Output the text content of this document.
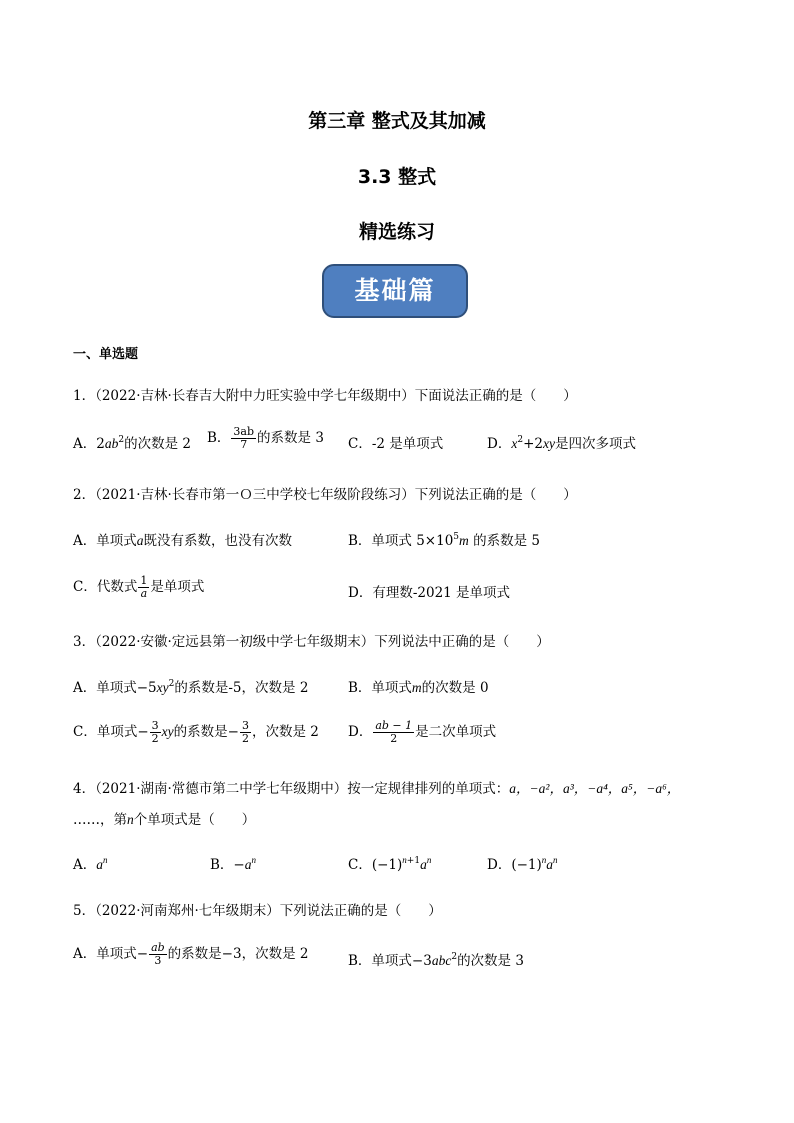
第三章 整式及其加减
3.3 整式
精选练习
基础篇
一、单选题
1．（2022·吉林·长春吉大附中力旺实验中学七年级期中）下面说法正确的是（　　）
A．$2ab^2$的次数是 2 B． $\frac{3ab}{7}$ 的系数是 3 C．-2 是单项式	D．$x^2+2xy$是四次多项式
2．（2021·吉林·长春市第一Ｏ三中学校七年级阶段练习）下列说法正确的是（　　）
A．单项式a既没有系数，也没有次数	B．单项式 $5\times 10^5m$ 的系数是 5
C．代数式 $\frac{1}{a}$ 是单项式	D．有理数-2021 是单项式
3．（2022·安徽·定远县第一初级中学七年级期末）下列说法中正确的是（　　）
A．单项式$-5xy^2$的系数是-5，次数是 2	B．单项式m的次数是 0
C．单项式− $\frac{3}{2}$ xy的系数是− $\frac{3}{2}$ ，次数是 2 D． $\frac{ab - 1}{2}$ 是二次单项式
4．（2021·湖南·常德市第二中学七年级期中）按一定规律排列的单项式：a，−a²，a³，−a⁴，a⁵，−a⁶，
……，第n个单项式是（　　）
A．$a^n$	B．$-a^n$	C．$(-1)^{n+1}a^n$	D．$(-1)^na^n$
5．（2022·河南郑州·七年级期末）下列说法正确的是（　　）
A．单项式− $\frac{ab}{3}$ 的系数是−3，次数是 2	B．单项式−3abc$^2$的次数是 3
